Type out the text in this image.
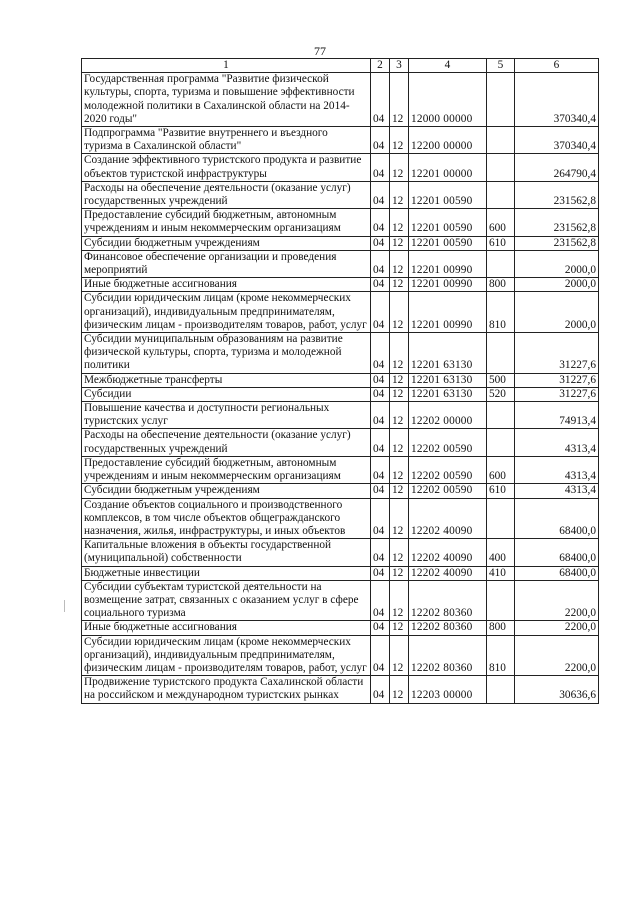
77
1	2	3	4	5	6
Государственная программа "Развитие физической культуры, спорта, туризма и повышение эффективности молодежной политики в Сахалинской области на 2014-2020 годы"	04	12	12000 00000		370340,4
Подпрограмма "Развитие внутреннего и въездного туризма в Сахалинской области"	04	12	12200 00000		370340,4
Создание эффективного туристского продукта и развитие объектов туристской инфраструктуры	04	12	12201 00000		264790,4
Расходы на обеспечение деятельности (оказание услуг) государственных учреждений	04	12	12201 00590		231562,8
Предоставление субсидий бюджетным, автономным учреждениям и иным некоммерческим организациям	04	12	12201 00590	600	231562,8
Субсидии бюджетным учреждениям	04	12	12201 00590	610	231562,8
Финансовое обеспечение организации и проведения мероприятий	04	12	12201 00990		2000,0
Иные бюджетные ассигнования	04	12	12201 00990	800	2000,0
Субсидии юридическим лицам (кроме некоммерческих организаций), индивидуальным предпринимателям, физическим лицам - производителям товаров, работ, услуг	04	12	12201 00990	810	2000,0
Субсидии муниципальным образованиям на развитие физической культуры, спорта, туризма и молодежной политики	04	12	12201 63130		31227,6
Межбюджетные трансферты	04	12	12201 63130	500	31227,6
Субсидии	04	12	12201 63130	520	31227,6
Повышение качества и доступности региональных туристских услуг	04	12	12202 00000		74913,4
Расходы на обеспечение деятельности (оказание услуг) государственных учреждений	04	12	12202 00590		4313,4
Предоставление субсидий бюджетным, автономным учреждениям и иным некоммерческим организациям	04	12	12202 00590	600	4313,4
Субсидии бюджетным учреждениям	04	12	12202 00590	610	4313,4
Создание объектов социального и производственного комплексов, в том числе объектов общегражданского назначения, жилья, инфраструктуры, и иных объектов	04	12	12202 40090		68400,0
Капитальные вложения в объекты государственной (муниципальной) собственности	04	12	12202 40090	400	68400,0
Бюджетные инвестиции	04	12	12202 40090	410	68400,0
Субсидии субъектам туристской деятельности на возмещение затрат, связанных с оказанием услуг в сфере социального туризма	04	12	12202 80360		2200,0
Иные бюджетные ассигнования	04	12	12202 80360	800	2200,0
Субсидии юридическим лицам (кроме некоммерческих организаций), индивидуальным предпринимателям, физическим лицам - производителям товаров, работ, услуг	04	12	12202 80360	810	2200,0
Продвижение туристского продукта Сахалинской области на российском и международном туристских рынках	04	12	12203 00000		30636,6
